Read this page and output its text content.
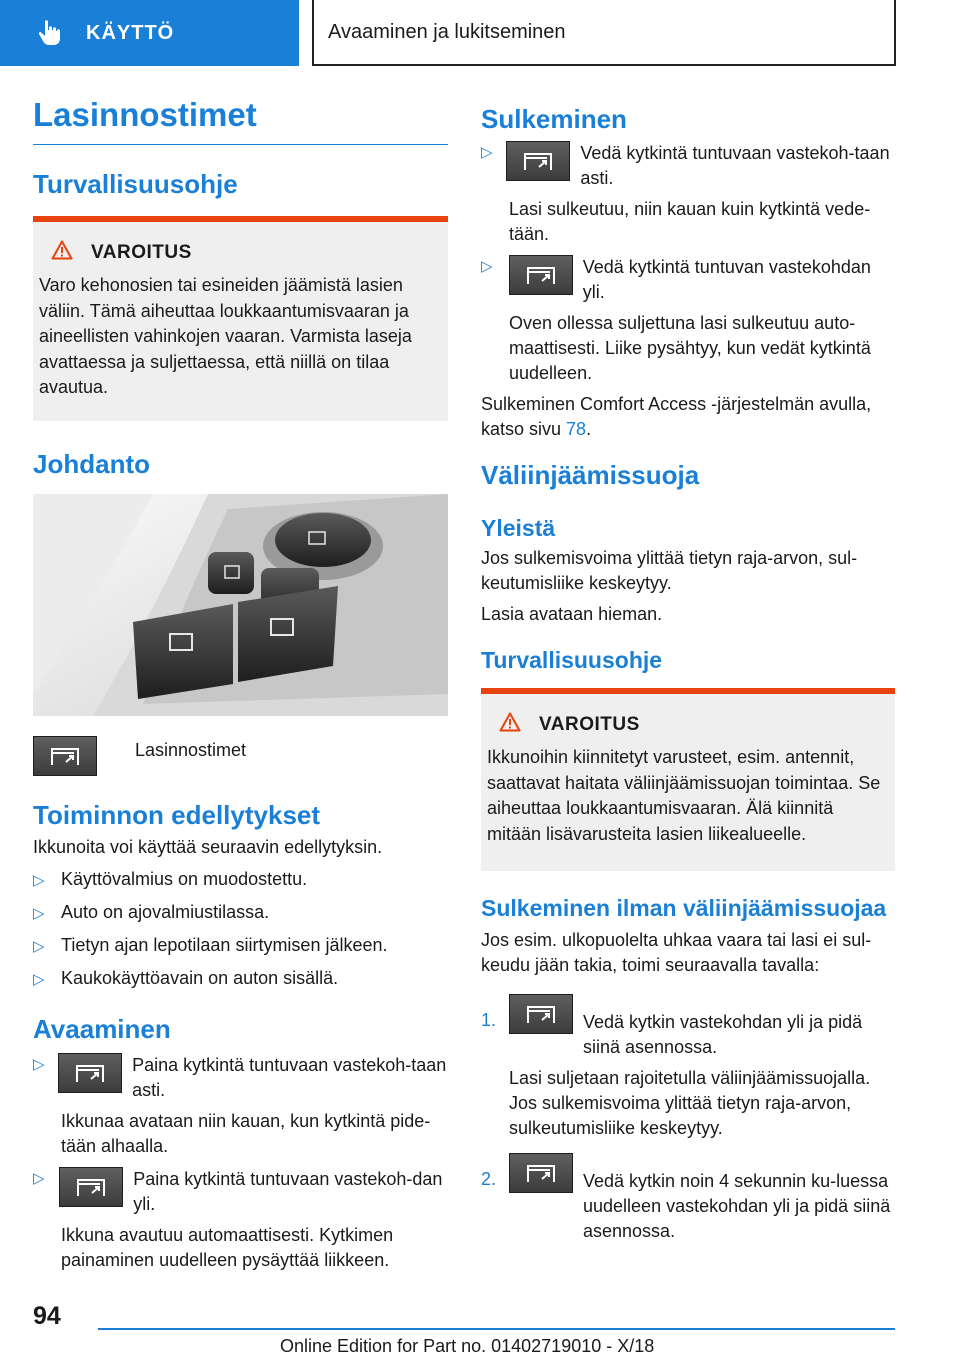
KÄYTTÖ	Avaaminen ja lukitseminen
Lasinnostimet
Turvallisuusohje
VAROITUS

Varo kehonosien tai esineiden jäämistä lasien väliin. Tämä aiheuttaa loukkaantumisvaaran ja aineellisten vahinkojen vaaran. Varmista laseja avattaessa ja suljettaessa, että niillä on tilaa avautua.

Johdanto
Lasinnostimet
Toiminnon edellytykset

Ikkunoita voi käyttää seuraavin edellytyksin.

▷ Käyttövalmius on muodostettu.
▷ Auto on ajovalmiustilassa.
▷ Tietyn ajan lepotilaan siirtymisen jälkeen.
▷ Kaukokäyttöavain on auton sisällä.
Avaaminen
▷	Paina kytkintä tuntuvaan vastekoh-taan asti.

Ikkunaa avataan niin kauan, kun kytkintä pide-tään alhaalla.

▷	Paina kytkintä tuntuvaan vastekoh-dan yli.

Ikkuna avautuu automaattisesti. Kytkimen painaminen uudelleen pysäyttää liikkeen.

Sulkeminen
▷	Vedä kytkintä tuntuvaan vastekoh-taan asti.

Lasi sulkeutuu, niin kauan kuin kytkintä vede-tään.

▷	Vedä kytkintä tuntuvan vastekohdan yli.

Oven ollessa suljettuna lasi sulkeutuu auto-maattisesti. Liike pysähtyy, kun vedät kytkintä uudelleen.

Sulkeminen Comfort Access -järjestelmän avulla, katso sivu 78.

Väliinjäämissuoja
Yleistä

Jos sulkemisvoima ylittää tietyn raja-arvon, sul-keutumisliike keskeytyy.

Lasia avataan hieman.

Turvallisuusohje
VAROITUS

Ikkunoihin kiinnitetyt varusteet, esim. antennit, saattavat haitata väliinjäämissuojan toimintaa. Se aiheuttaa loukkaantumisvaaran. Älä kiinnitä mitään lisävarusteita lasien liikealueelle.

Sulkeminen ilman väliinjäämissuojaa

Jos esim. ulkopuolelta uhkaa vaara tai lasi ei sul-keudu jään takia, toimi seuraavalla tavalla:

1.	Vedä kytkin vastekohdan yli ja pidä siinä asennossa.

Lasi suljetaan rajoitetulla väliinjäämissuojalla. Jos sulkemisvoima ylittää tietyn raja-arvon, sulkeutumisliike keskeytyy.

2.	Vedä kytkin noin 4 sekunnin ku-luessa uudelleen vastekohdan yli ja pidä siinä asennossa.
94
Online Edition for Part no. 01402719010 - X/18
